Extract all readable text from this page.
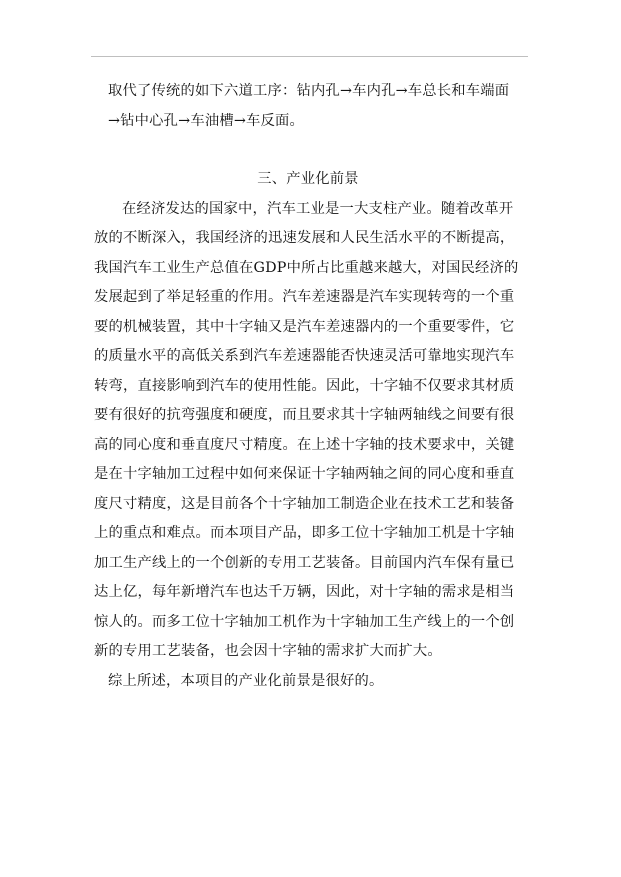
取代了传统的如下六道工序：钻内孔→车内孔→车总长和车端面
→钻中心孔→车油槽→车反面。

三、产业化前景

在经济发达的国家中，汽车工业是一大支柱产业。随着改革开
放的不断深入，我国经济的迅速发展和人民生活水平的不断提高，
我国汽车工业生产总值在GDP中所占比重越来越大，对国民经济的
发展起到了举足轻重的作用。汽车差速器是汽车实现转弯的一个重
要的机械装置，其中十字轴又是汽车差速器内的一个重要零件，它
的质量水平的高低关系到汽车差速器能否快速灵活可靠地实现汽车
转弯，直接影响到汽车的使用性能。因此，十字轴不仅要求其材质
要有很好的抗弯强度和硬度，而且要求其十字轴两轴线之间要有很
高的同心度和垂直度尺寸精度。在上述十字轴的技术要求中，关键
是在十字轴加工过程中如何来保证十字轴两轴之间的同心度和垂直
度尺寸精度，这是目前各个十字轴加工制造企业在技术工艺和装备
上的重点和难点。而本项目产品，即多工位十字轴加工机是十字轴
加工生产线上的一个创新的专用工艺装备。目前国内汽车保有量已
达上亿，每年新增汽车也达千万辆，因此，对十字轴的需求是相当
惊人的。而多工位十字轴加工机作为十字轴加工生产线上的一个创
新的专用工艺装备，也会因十字轴的需求扩大而扩大。

综上所述，本项目的产业化前景是很好的。
